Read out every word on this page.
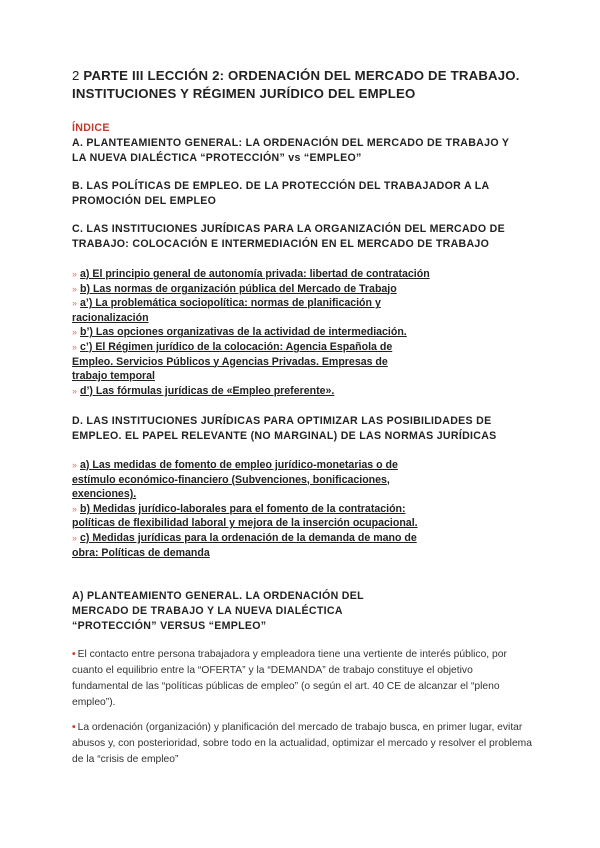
2 PARTE III LECCIÓN 2: ORDENACIÓN DEL MERCADO DE TRABAJO.
INSTITUCIONES Y RÉGIMEN JURÍDICO DEL EMPLEO
ÍNDICE
A. PLANTEAMIENTO GENERAL: LA ORDENACIÓN DEL MERCADO DE TRABAJO Y
LA NUEVA DIALÉCTICA “PROTECCIÓN” vs “EMPLEO”
B. LAS POLÍTICAS DE EMPLEO. DE LA PROTECCIÓN DEL TRABAJADOR A LA
PROMOCIÓN DEL EMPLEO
C. LAS INSTITUCIONES JURÍDICAS PARA LA ORGANIZACIÓN DEL MERCADO DE
TRABAJO: COLOCACIÓN E INTERMEDIACIÓN EN EL MERCADO DE TRABAJO
» a) El principio general de autonomía privada: libertad de contratación
» b) Las normas de organización pública del Mercado de Trabajo
» a’) La problemática sociopolítica: normas de planificación y
racionalización
» b’) Las opciones organizativas de la actividad de intermediación.
» c’) El Régimen jurídico de la colocación: Agencia Española de
Empleo. Servicios Públicos y Agencias Privadas. Empresas de
trabajo temporal
» d’) Las fórmulas jurídicas de «Empleo preferente».
D. LAS INSTITUCIONES JURÍDICAS PARA OPTIMIZAR LAS POSIBILIDADES DE
EMPLEO. EL PAPEL RELEVANTE (NO MARGINAL) DE LAS NORMAS JURÍDICAS
» a) Las medidas de fomento de empleo jurídico-monetarias o de
estímulo económico-financiero (Subvenciones, bonificaciones,
exenciones).
» b) Medidas jurídico-laborales para el fomento de la contratación:
políticas de flexibilidad laboral y mejora de la inserción ocupacional.
» c) Medidas jurídicas para la ordenación de la demanda de mano de
obra: Políticas de demanda
A) PLANTEAMIENTO GENERAL. LA ORDENACIÓN DEL
MERCADO DE TRABAJO Y LA NUEVA DIALÉCTICA
“PROTECCIÓN” VERSUS “EMPLEO”
• El contacto entre persona trabajadora y empleadora tiene una vertiente de interés público, por cuanto el equilibrio entre la “OFERTA” y la “DEMANDA” de trabajo constituye el objetivo fundamental de las “políticas públicas de empleo” (o según el art. 40 CE de alcanzar el “pleno empleo”).
• La ordenación (organización) y planificación del mercado de trabajo busca, en primer lugar, evitar abusos y, con posterioridad, sobre todo en la actualidad, optimizar el mercado y resolver el problema de la “crisis de empleo”
